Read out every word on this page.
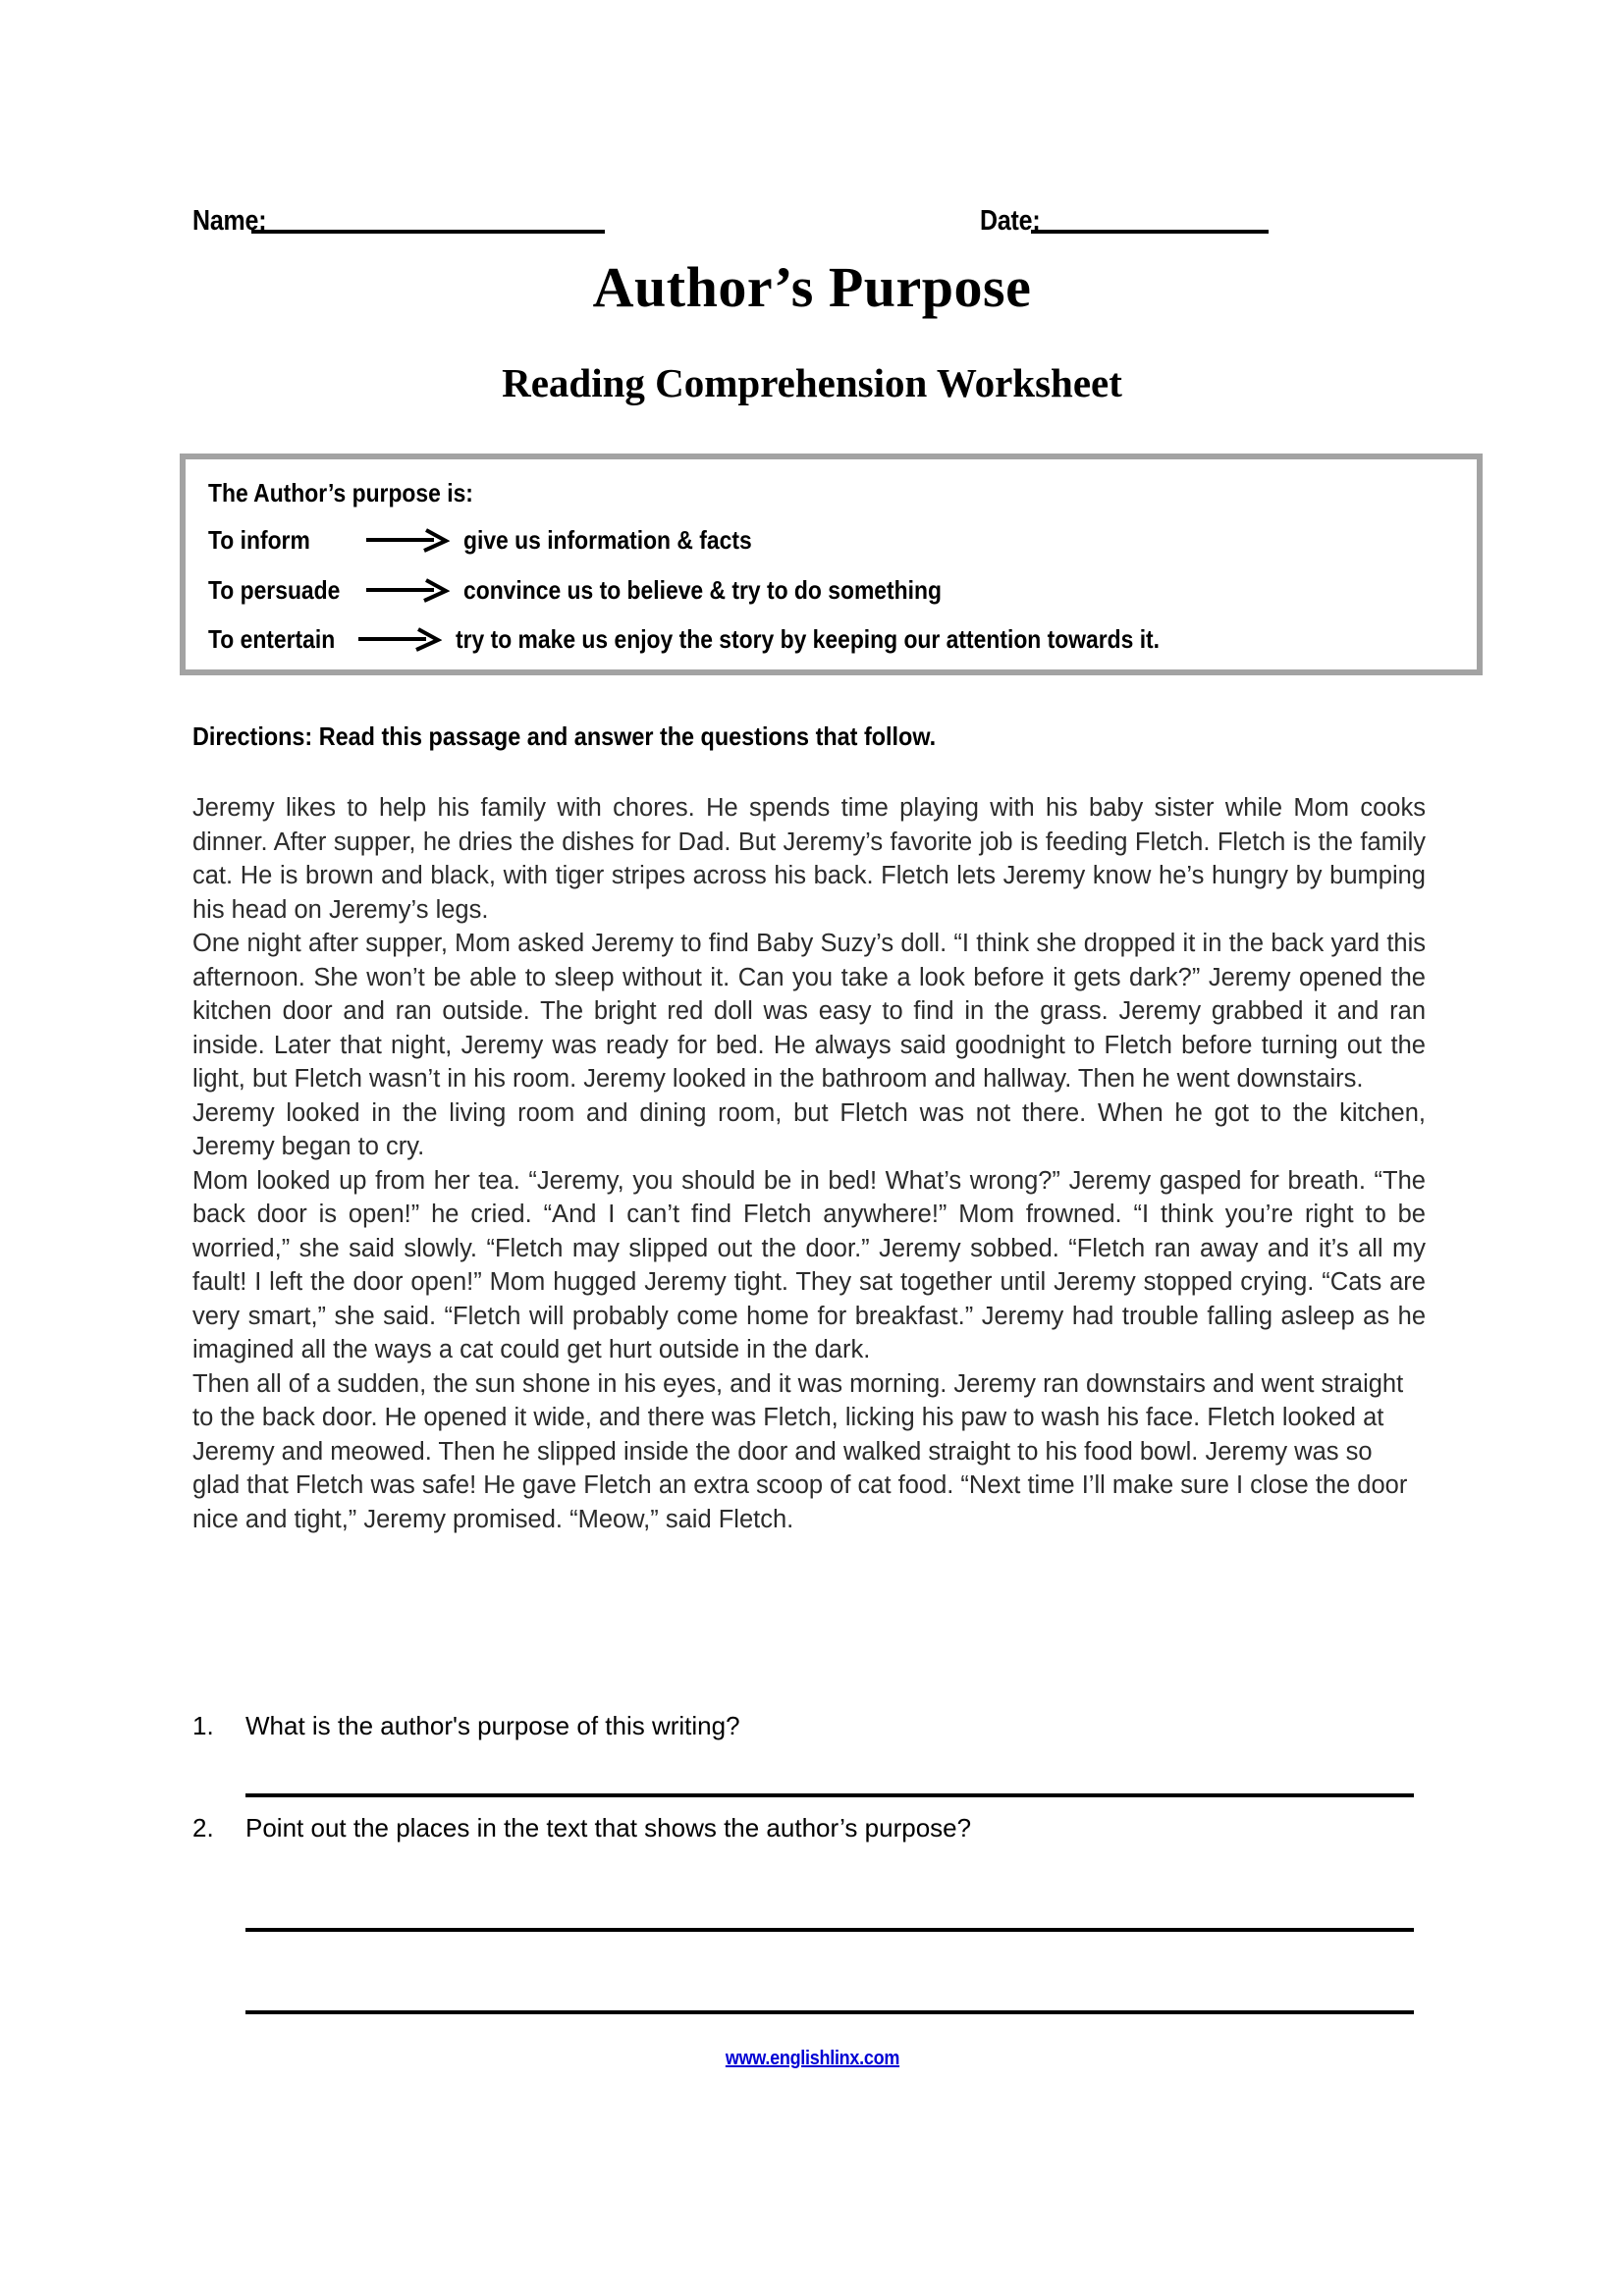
Name:	Date:
Author’s Purpose
Reading Comprehension Worksheet
The Author’s purpose is:
To inform	give us information & facts
To persuade	convince us to believe & try to do something
To entertain	try to make us enjoy the story by keeping our attention towards it.
Directions: Read this passage and answer the questions that follow.

Jeremy likes to help his family with chores. He spends time playing with his baby sister while Mom cooks dinner. After supper, he dries the dishes for Dad. But Jeremy’s favorite job is feeding Fletch. Fletch is the family cat. He is brown and black, with tiger stripes across his back. Fletch lets Jeremy know he’s hungry by bumping his head on Jeremy’s legs.

One night after supper, Mom asked Jeremy to find Baby Suzy’s doll. “I think she dropped it in the back yard this afternoon. She won’t be able to sleep without it. Can you take a look before it gets dark?” Jeremy opened the kitchen door and ran outside. The bright red doll was easy to find in the grass. Jeremy grabbed it and ran inside. Later that night, Jeremy was ready for bed. He always said goodnight to Fletch before turning out the light, but Fletch wasn’t in his room. Jeremy looked in the bathroom and hallway. Then he went downstairs.

Jeremy looked in the living room and dining room, but Fletch was not there. When he got to the kitchen, Jeremy began to cry.

Mom looked up from her tea. “Jeremy, you should be in bed! What’s wrong?” Jeremy gasped for breath. “The back door is open!” he cried. “And I can’t find Fletch anywhere!” Mom frowned. “I think you’re right to be worried,” she said slowly. “Fletch may slipped out the door.” Jeremy sobbed. “Fletch ran away and it’s all my fault! I left the door open!” Mom hugged Jeremy tight. They sat together until Jeremy stopped crying. “Cats are very smart,” she said. “Fletch will probably come home for breakfast.” Jeremy had trouble falling asleep as he imagined all the ways a cat could get hurt outside in the dark.

Then all of a sudden, the sun shone in his eyes, and it was morning. Jeremy ran downstairs and went straight to the back door. He opened it wide, and there was Fletch, licking his paw to wash his face. Fletch looked at Jeremy and meowed. Then he slipped inside the door and walked straight to his food bowl. Jeremy was so glad that Fletch was safe! He gave Fletch an extra scoop of cat food. “Next time I’ll make sure I close the door nice and tight,” Jeremy promised. “Meow,” said Fletch.

1.	What is the author's purpose of this writing?
2.	Point out the places in the text that shows the author’s purpose?
www.englishlinx.com
